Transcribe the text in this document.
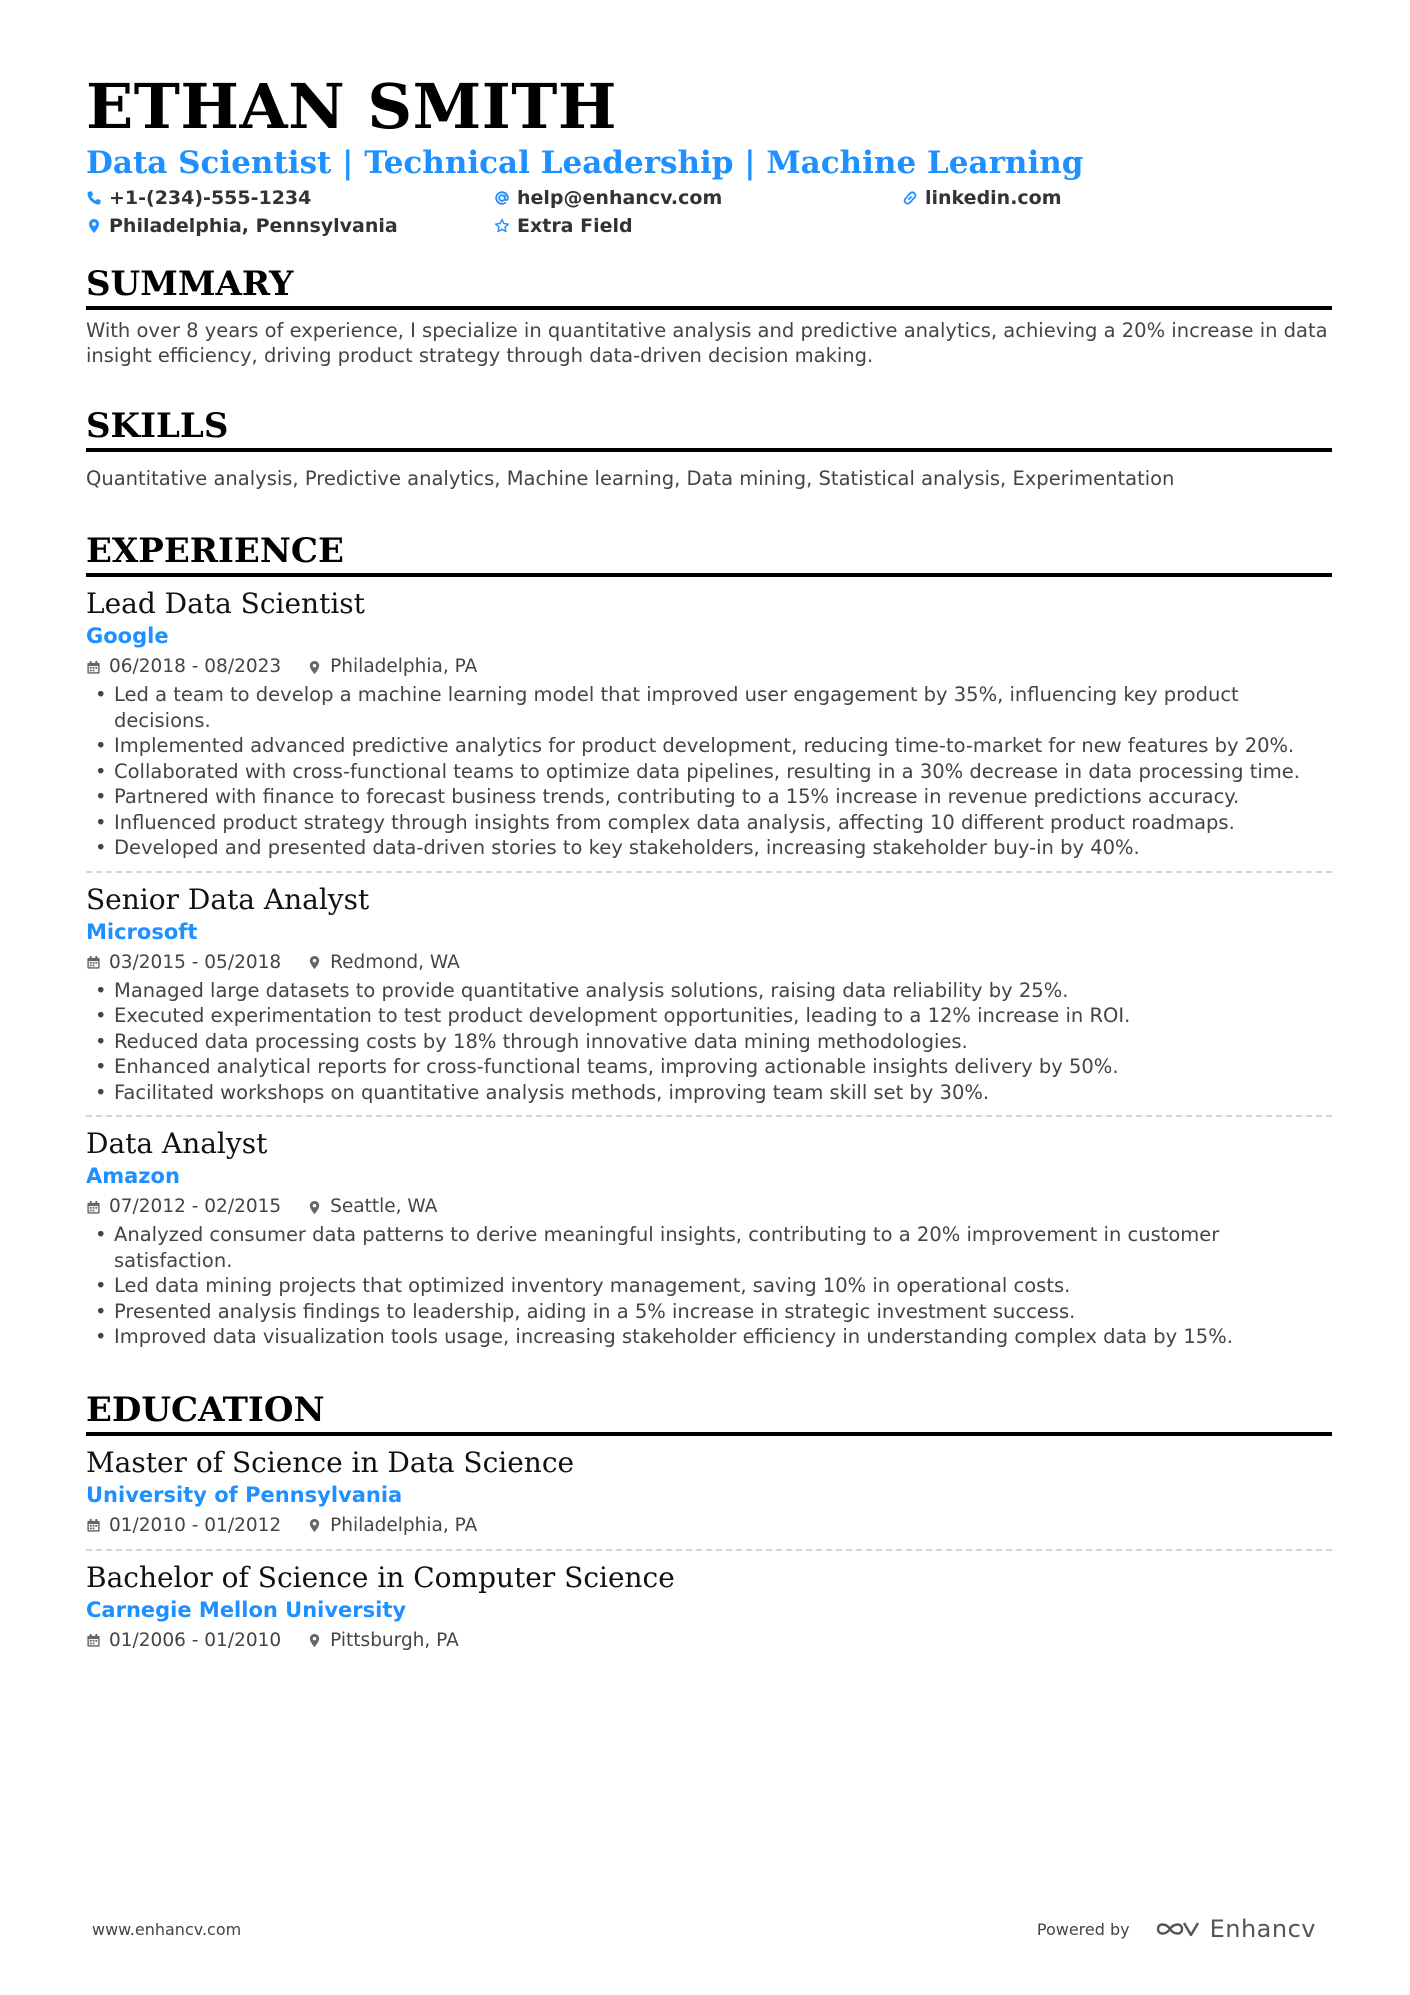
ETHAN SMITH
Data Scientist | Technical Leadership | Machine Learning
+1-(234)-555-1234	help@enhancv.com	linkedin.com
Philadelphia, Pennsylvania	Extra Field
SUMMARY

With over 8 years of experience, I specialize in quantitative analysis and predictive analytics, achieving a 20% increase in data insight efficiency, driving product strategy through data-driven decision making.

SKILLS

Quantitative analysis, Predictive analytics, Machine learning, Data mining, Statistical analysis, Experimentation

EXPERIENCE
Lead Data Scientist
Google
06/2018 - 08/2023	Philadelphia, PA
• Led a team to develop a machine learning model that improved user engagement by 35%, influencing key product decisions.
• Implemented advanced predictive analytics for product development, reducing time-to-market for new features by 20%.
• Collaborated with cross-functional teams to optimize data pipelines, resulting in a 30% decrease in data processing time.
• Partnered with finance to forecast business trends, contributing to a 15% increase in revenue predictions accuracy.
• Influenced product strategy through insights from complex data analysis, affecting 10 different product roadmaps.
• Developed and presented data-driven stories to key stakeholders, increasing stakeholder buy-in by 40%.
Senior Data Analyst
Microsoft
03/2015 - 05/2018	Redmond, WA
• Managed large datasets to provide quantitative analysis solutions, raising data reliability by 25%.
• Executed experimentation to test product development opportunities, leading to a 12% increase in ROI.
• Reduced data processing costs by 18% through innovative data mining methodologies.
• Enhanced analytical reports for cross-functional teams, improving actionable insights delivery by 50%.
• Facilitated workshops on quantitative analysis methods, improving team skill set by 30%.
Data Analyst
Amazon
07/2012 - 02/2015	Seattle, WA
• Analyzed consumer data patterns to derive meaningful insights, contributing to a 20% improvement in customer satisfaction.
• Led data mining projects that optimized inventory management, saving 10% in operational costs.
• Presented analysis findings to leadership, aiding in a 5% increase in strategic investment success.
• Improved data visualization tools usage, increasing stakeholder efficiency in understanding complex data by 15%.
EDUCATION
Master of Science in Data Science
University of Pennsylvania
01/2010 - 01/2012	Philadelphia, PA
Bachelor of Science in Computer Science
Carnegie Mellon University
01/2006 - 01/2010	Pittsburgh, PA
www.enhancv.com	Powered by	Enhancv
